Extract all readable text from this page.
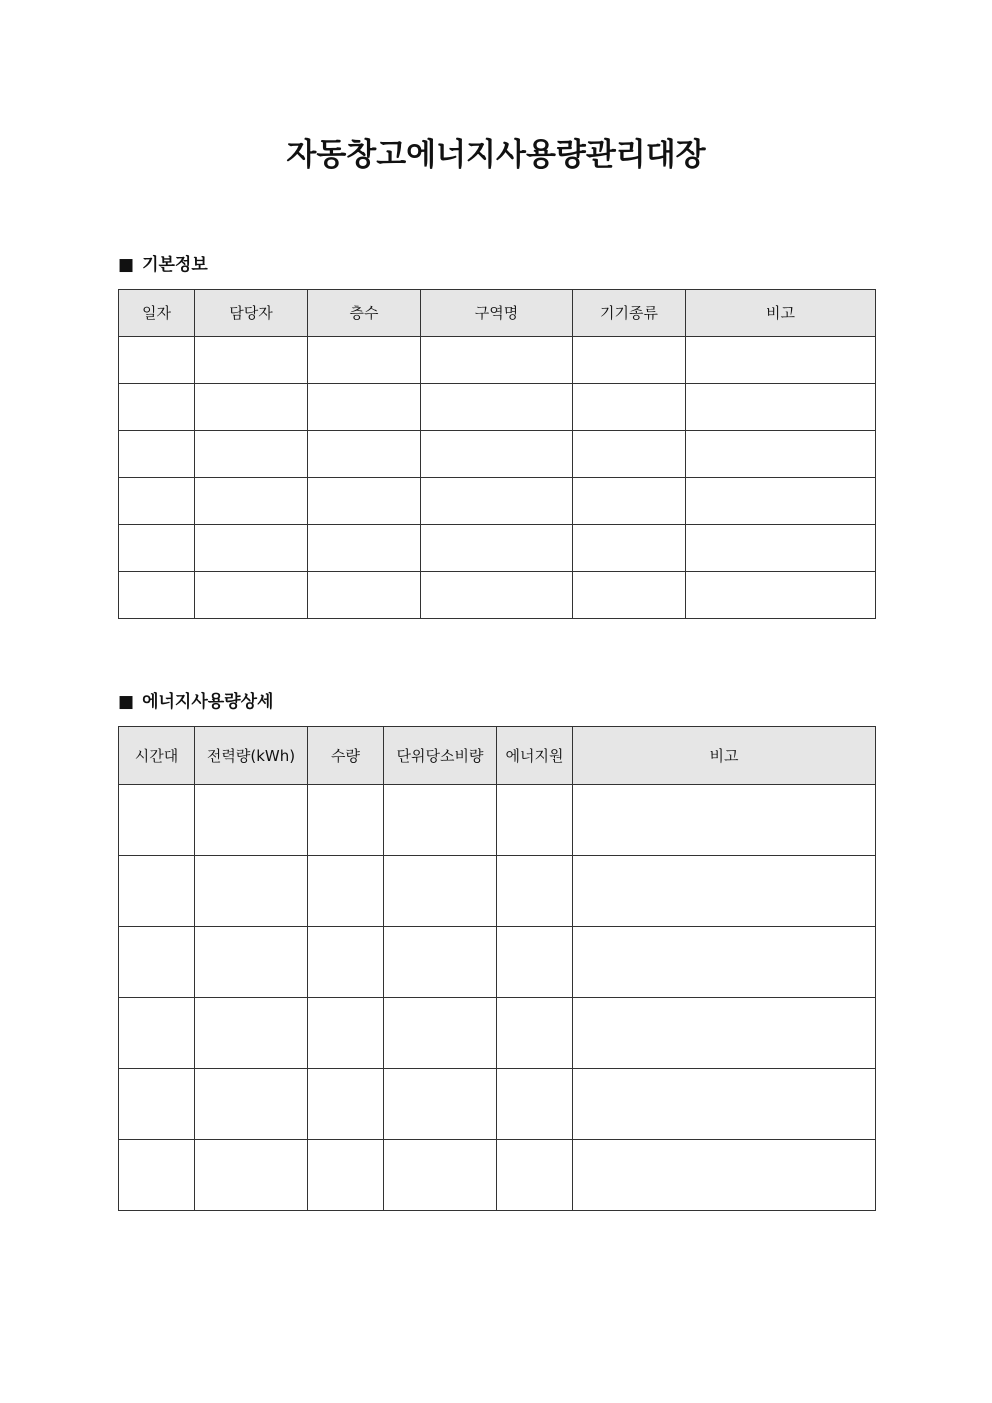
자동창고에너지사용량관리대장
■ 기본정보
일자	담당자	층수	구역명	기기종류	비고

■ 에너지사용량상세
시간대	전력량(kWh)	수량	단위당소비량	에너지원	비고
